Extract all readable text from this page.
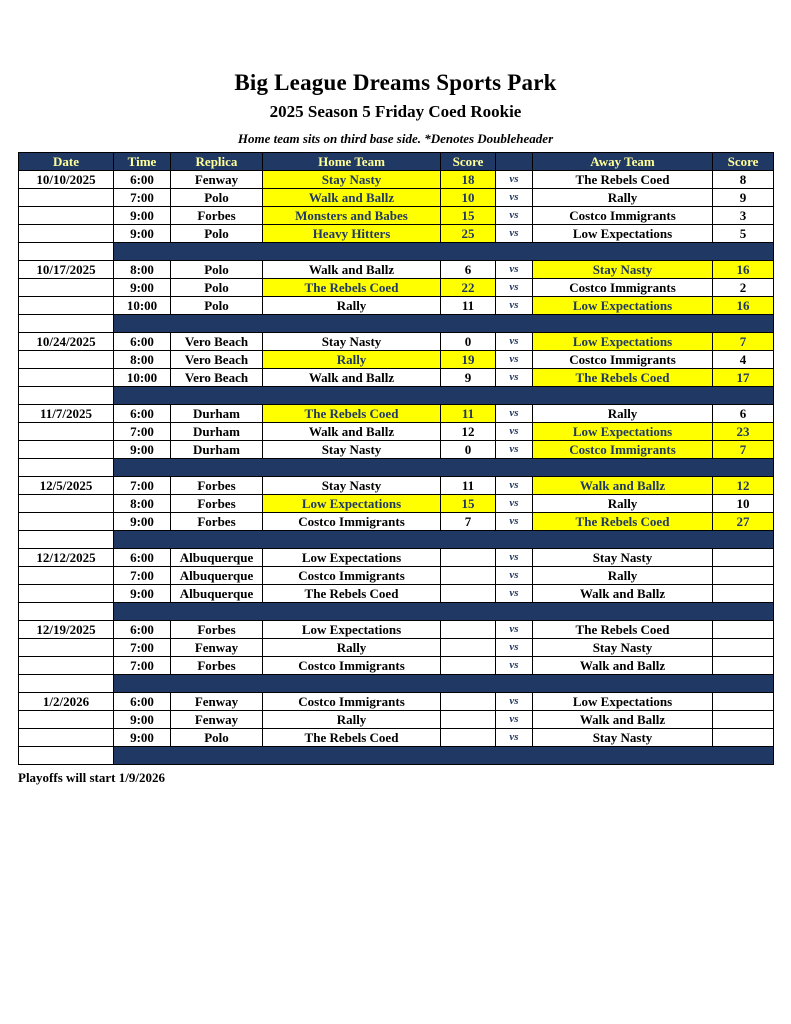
Big League Dreams Sports Park
2025 Season 5 Friday Coed Rookie
Home team sits on third base side. *Denotes Doubleheader
Date	Time	Replica	Home Team	Score		Away Team	Score
10/10/2025	6:00	Fenway	Stay Nasty	18	vs	The Rebels Coed	8
	7:00	Polo	Walk and Ballz	10	vs	Rally	9
	9:00	Forbes	Monsters and Babes	15	vs	Costco Immigrants	3
	9:00	Polo	Heavy Hitters	25	vs	Low Expectations	5

10/17/2025	8:00	Polo	Walk and Ballz	6	vs	Stay Nasty	16
	9:00	Polo	The Rebels Coed	22	vs	Costco Immigrants	2
	10:00	Polo	Rally	11	vs	Low Expectations	16

10/24/2025	6:00	Vero Beach	Stay Nasty	0	vs	Low Expectations	7
	8:00	Vero Beach	Rally	19	vs	Costco Immigrants	4
	10:00	Vero Beach	Walk and Ballz	9	vs	The Rebels Coed	17

11/7/2025	6:00	Durham	The Rebels Coed	11	vs	Rally	6
	7:00	Durham	Walk and Ballz	12	vs	Low Expectations	23
	9:00	Durham	Stay Nasty	0	vs	Costco Immigrants	7

12/5/2025	7:00	Forbes	Stay Nasty	11	vs	Walk and Ballz	12
	8:00	Forbes	Low Expectations	15	vs	Rally	10
	9:00	Forbes	Costco Immigrants	7	vs	The Rebels Coed	27

12/12/2025	6:00	Albuquerque	Low Expectations		vs	Stay Nasty	
	7:00	Albuquerque	Costco Immigrants		vs	Rally	
	9:00	Albuquerque	The Rebels Coed		vs	Walk and Ballz	

12/19/2025	6:00	Forbes	Low Expectations		vs	The Rebels Coed	
	7:00	Fenway	Rally		vs	Stay Nasty	
	7:00	Forbes	Costco Immigrants		vs	Walk and Ballz	

1/2/2026	6:00	Fenway	Costco Immigrants		vs	Low Expectations	
	9:00	Fenway	Rally		vs	Walk and Ballz	
	9:00	Polo	The Rebels Coed		vs	Stay Nasty	

Playoffs will start 1/9/2026
